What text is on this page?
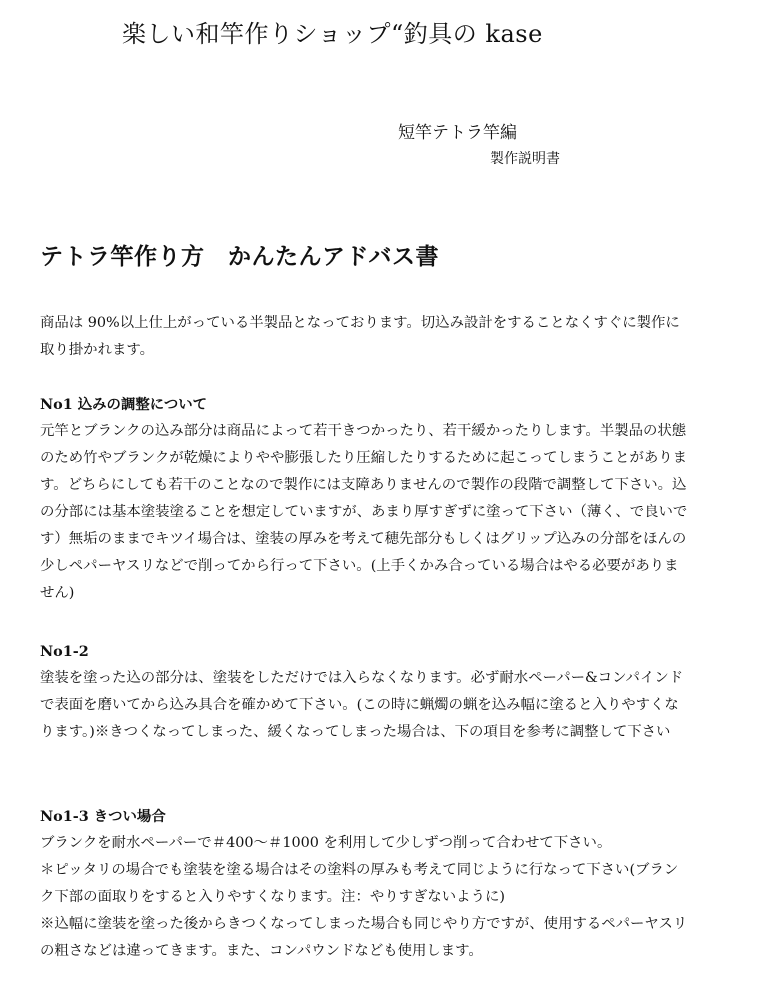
楽しい和竿作りショップ“釣具の kase
短竿テトラ竿編
製作説明書
テトラ竿作り方　かんたんアドバス書

商品は 90%以上仕上がっている半製品となっております。切込み設計をすることなくすぐに製作に取り掛かれます。

No1 込みの調整について

元竿とブランクの込み部分は商品によって若干きつかったり、若干緩かったりします。半製品の状態のため竹やブランクが乾燥によりやや膨張したり圧縮したりするために起こってしまうことがあります。どちらにしても若干のことなので製作には支障ありませんので製作の段階で調整して下さい。込の分部には基本塗装塗ることを想定していますが、あまり厚すぎずに塗って下さい（薄く、で良いです）無垢のままでキツイ場合は、塗装の厚みを考えて穂先部分もしくはグリップ込みの分部をほんの少しペパーヤスリなどで削ってから行って下さい。(上手くかみ合っている場合はやる必要がありません)

No1-2

塗装を塗った込の部分は、塗装をしただけでは入らなくなります。必ず耐水ペーパー&コンパインドで表面を磨いてから込み具合を確かめて下さい。(この時に蝋燭の蝋を込み幅に塗ると入りやすくなります。)※きつくなってしまった、緩くなってしまった場合は、下の項目を参考に調整して下さい

No1-3 きつい場合

ブランクを耐水ペーパーで＃400～＃1000 を利用して少しずつ削って合わせて下さい。

＊ピッタリの場合でも塗装を塗る場合はその塗料の厚みも考えて同じように行なって下さい(ブランク下部の面取りをすると入りやすくなります。注：やりすぎないように)

※込幅に塗装を塗った後からきつくなってしまった場合も同じやり方ですが、使用するペパーヤスリの粗さなどは違ってきます。また、コンパウンドなども使用します。
